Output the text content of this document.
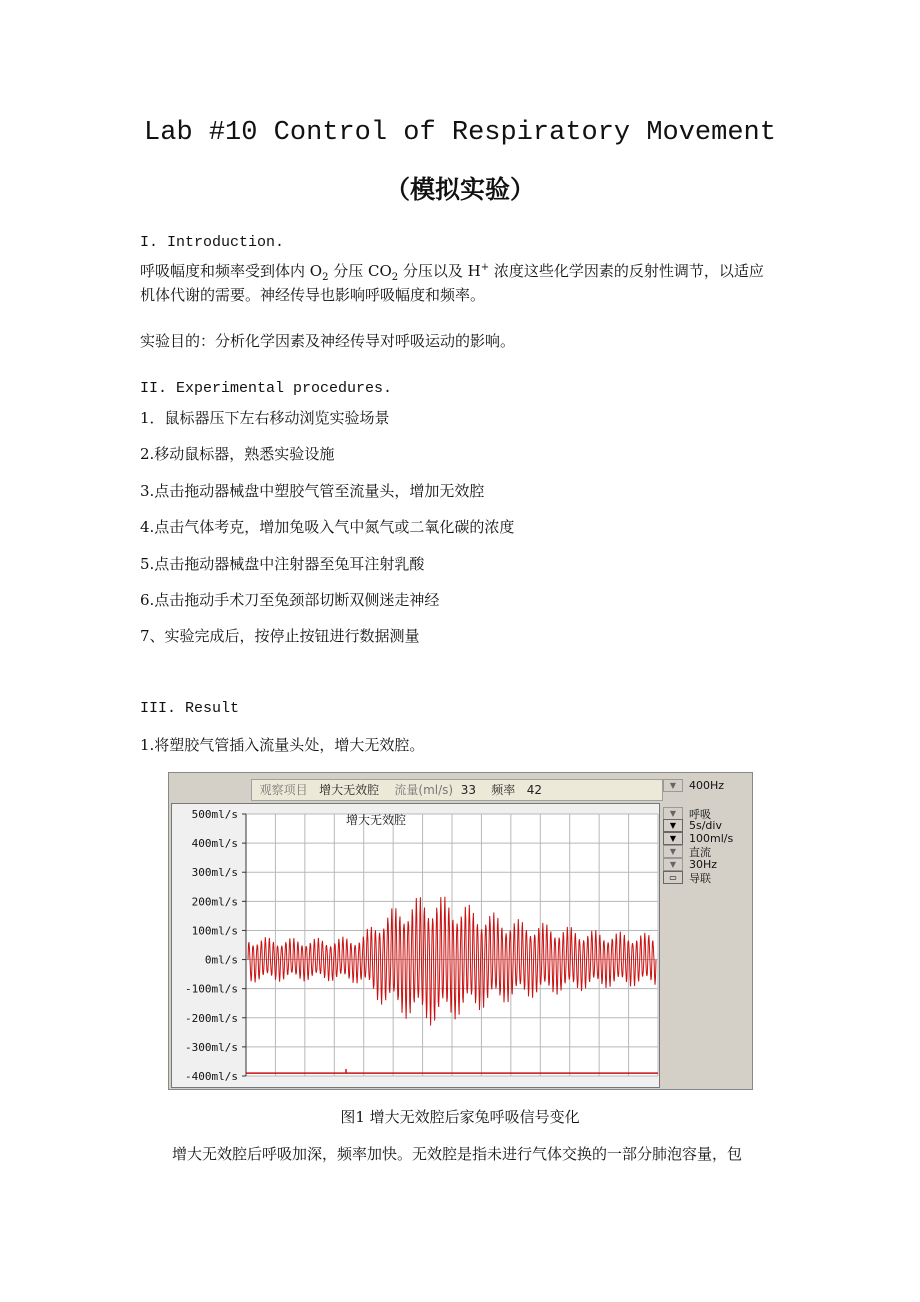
Lab #10 Control of Respiratory Movement
（模拟实验）
I. Introduction.
呼吸幅度和频率受到体内 $O_2$ 分压 $CO_2$ 分压以及 H+ 浓度这些化学因素的反射性调节，以适应
机体代谢的需要。神经传导也影响呼吸幅度和频率。
实验目的：分析化学因素及神经传导对呼吸运动的影响。
II. Experimental procedures.
1．鼠标器压下左右移动浏览实验场景
2.移动鼠标器，熟悉实验设施
3.点击拖动器械盘中塑胶气管至流量头，增加无效腔
4.点击气体考克，增加兔吸入气中氮气或二氧化碳的浓度
5.点击拖动器械盘中注射器至兔耳注射乳酸
6.点击拖动手术刀至兔颈部切断双侧迷走神经
7、实验完成后，按停止按钮进行数据测量
III. Result
1.将塑胶气管插入流量头处，增大无效腔。
观察项目 增大无效腔 流量(ml/s) 33 频率 42
500ml/s
400ml/s
300ml/s
200ml/s
100ml/s
0ml/s
-100ml/s
-200ml/s
-300ml/s
-400ml/s
增大无效腔
▼	400Hz
▼	呼吸
▼	5s/div
▼	100ml/s
▼	直流
▼	30Hz
▭	导联
图1 增大无效腔后家兔呼吸信号变化
增大无效腔后呼吸加深，频率加快。无效腔是指未进行气体交换的一部分肺泡容量，包
